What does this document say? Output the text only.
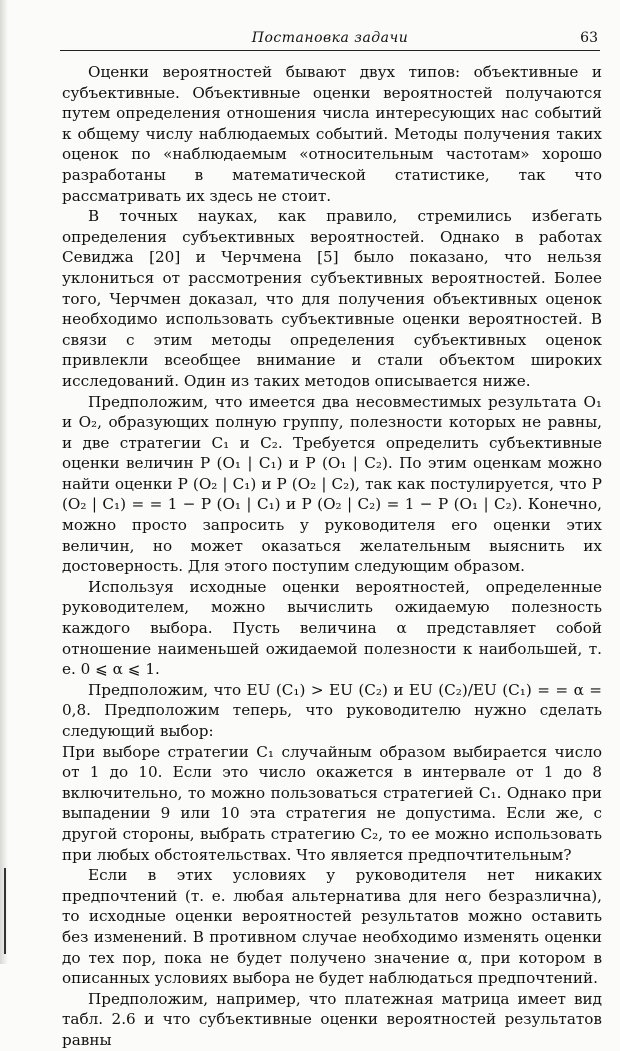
Постановка задачи	63

Оценки вероятностей бывают двух типов: объективные и субъективные. Объективные оценки вероятностей получаются путем определения отношения числа интересующих нас событий к общему числу наблюдаемых событий. Методы получения таких оценок по «наблюдаемым «относительным частотам» хорошо разработаны в математической статистике, так что рассматривать их здесь не стоит.

В точных науках, как правило, стремились избегать определения субъективных вероятностей. Однако в работах Севиджа [20] и Черчмена [5] было показано, что нельзя уклониться от рассмотрения субъективных вероятностей. Более того, Черчмен доказал, что для получения объективных оценок необходимо использовать субъективные оценки вероятностей. В связи с этим методы определения субъективных оценок привлекли всеобщее внимание и стали объектом широких исследований. Один из таких методов описывается ниже.

Предположим, что имеется два несовместимых результата O₁ и O₂, образующих полную группу, полезности которых не равны, и две стратегии C₁ и C₂. Требуется определить субъективные оценки величин P (O₁ | C₁) и P (O₁ | C₂). По этим оценкам можно найти оценки P (O₂ | C₁) и P (O₂ | C₂), так как постулируется, что P (O₂ | C₁) = = 1 − P (O₁ | C₁) и P (O₂ | C₂) = 1 − P (O₁ | C₂). Конечно, можно просто запросить у руководителя его оценки этих величин, но может оказаться желательным выяснить их достоверность. Для этого поступим следующим образом.

Используя исходные оценки вероятностей, определенные руководителем, можно вычислить ожидаемую полезность каждого выбора. Пусть величина α представляет собой отношение наименьшей ожидаемой полезности к наибольшей, т. е. 0 ⩽ α ⩽ 1.

Предположим, что EU (C₁) > EU (C₂) и EU (C₂)/EU (C₁) = = α = 0,8. Предположим теперь, что руководителю нужно сделать следующий выбор:

При выборе стратегии C₁ случайным образом выбирается число от 1 до 10. Если это число окажется в интервале от 1 до 8 включительно, то можно пользоваться стратегией C₁. Однако при выпадении 9 или 10 эта стратегия не допустима. Если же, с другой стороны, выбрать стратегию C₂, то ее можно использовать при любых обстоятельствах. Что является предпочтительным?

Если в этих условиях у руководителя нет никаких предпочтений (т. е. любая альтернатива для него безразлична), то исходные оценки вероятностей результатов можно оставить без изменений. В противном случае необходимо изменять оценки до тех пор, пока не будет получено значение α, при котором в описанных условиях выбора не будет наблюдаться предпочтений.

Предположим, например, что платежная матрица имеет вид табл. 2.6 и что субъективные оценки вероятностей результатов равны
